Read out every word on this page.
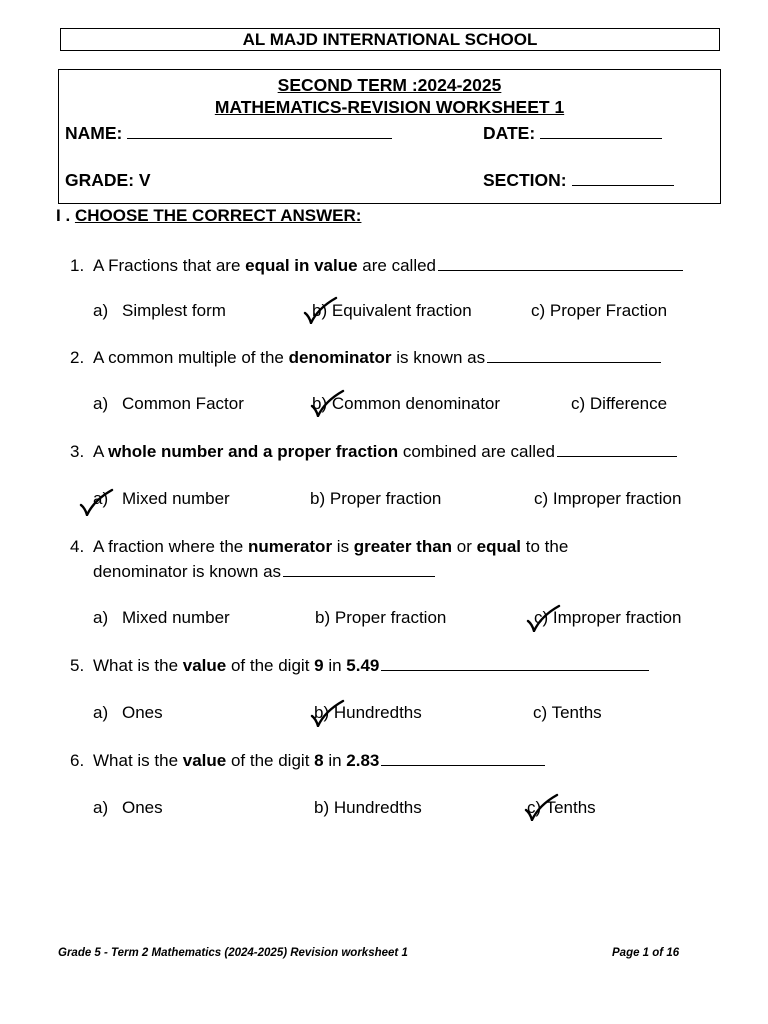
AL MAJD INTERNATIONAL SCHOOL
SECOND TERM :2024-2025
MATHEMATICS-REVISION WORKSHEET 1
NAME:	DATE:
GRADE: V	SECTION:
I . CHOOSE THE CORRECT ANSWER:
1. A Fractions that are equal in value are called
a) Simplest form	b) Equivalent fraction	c) Proper Fraction
2. A common multiple of the denominator is known as
a) Common Factor	b) Common denominator	c) Difference
3. A whole number and a proper fraction combined are called
a) Mixed number	b) Proper fraction	c) Improper fraction
4. A fraction where the numerator is greater than or equal to the
denominator is known as
a) Mixed number	b) Proper fraction	c) Improper fraction
5. What is the value of the digit 9 in 5.49
a) Ones	b) Hundredths	c) Tenths
6. What is the value of the digit 8 in 2.83
a) Ones	b) Hundredths	c) Tenths
Grade 5 - Term 2 Mathematics (2024-2025) Revision worksheet 1	Page 1 of 16
